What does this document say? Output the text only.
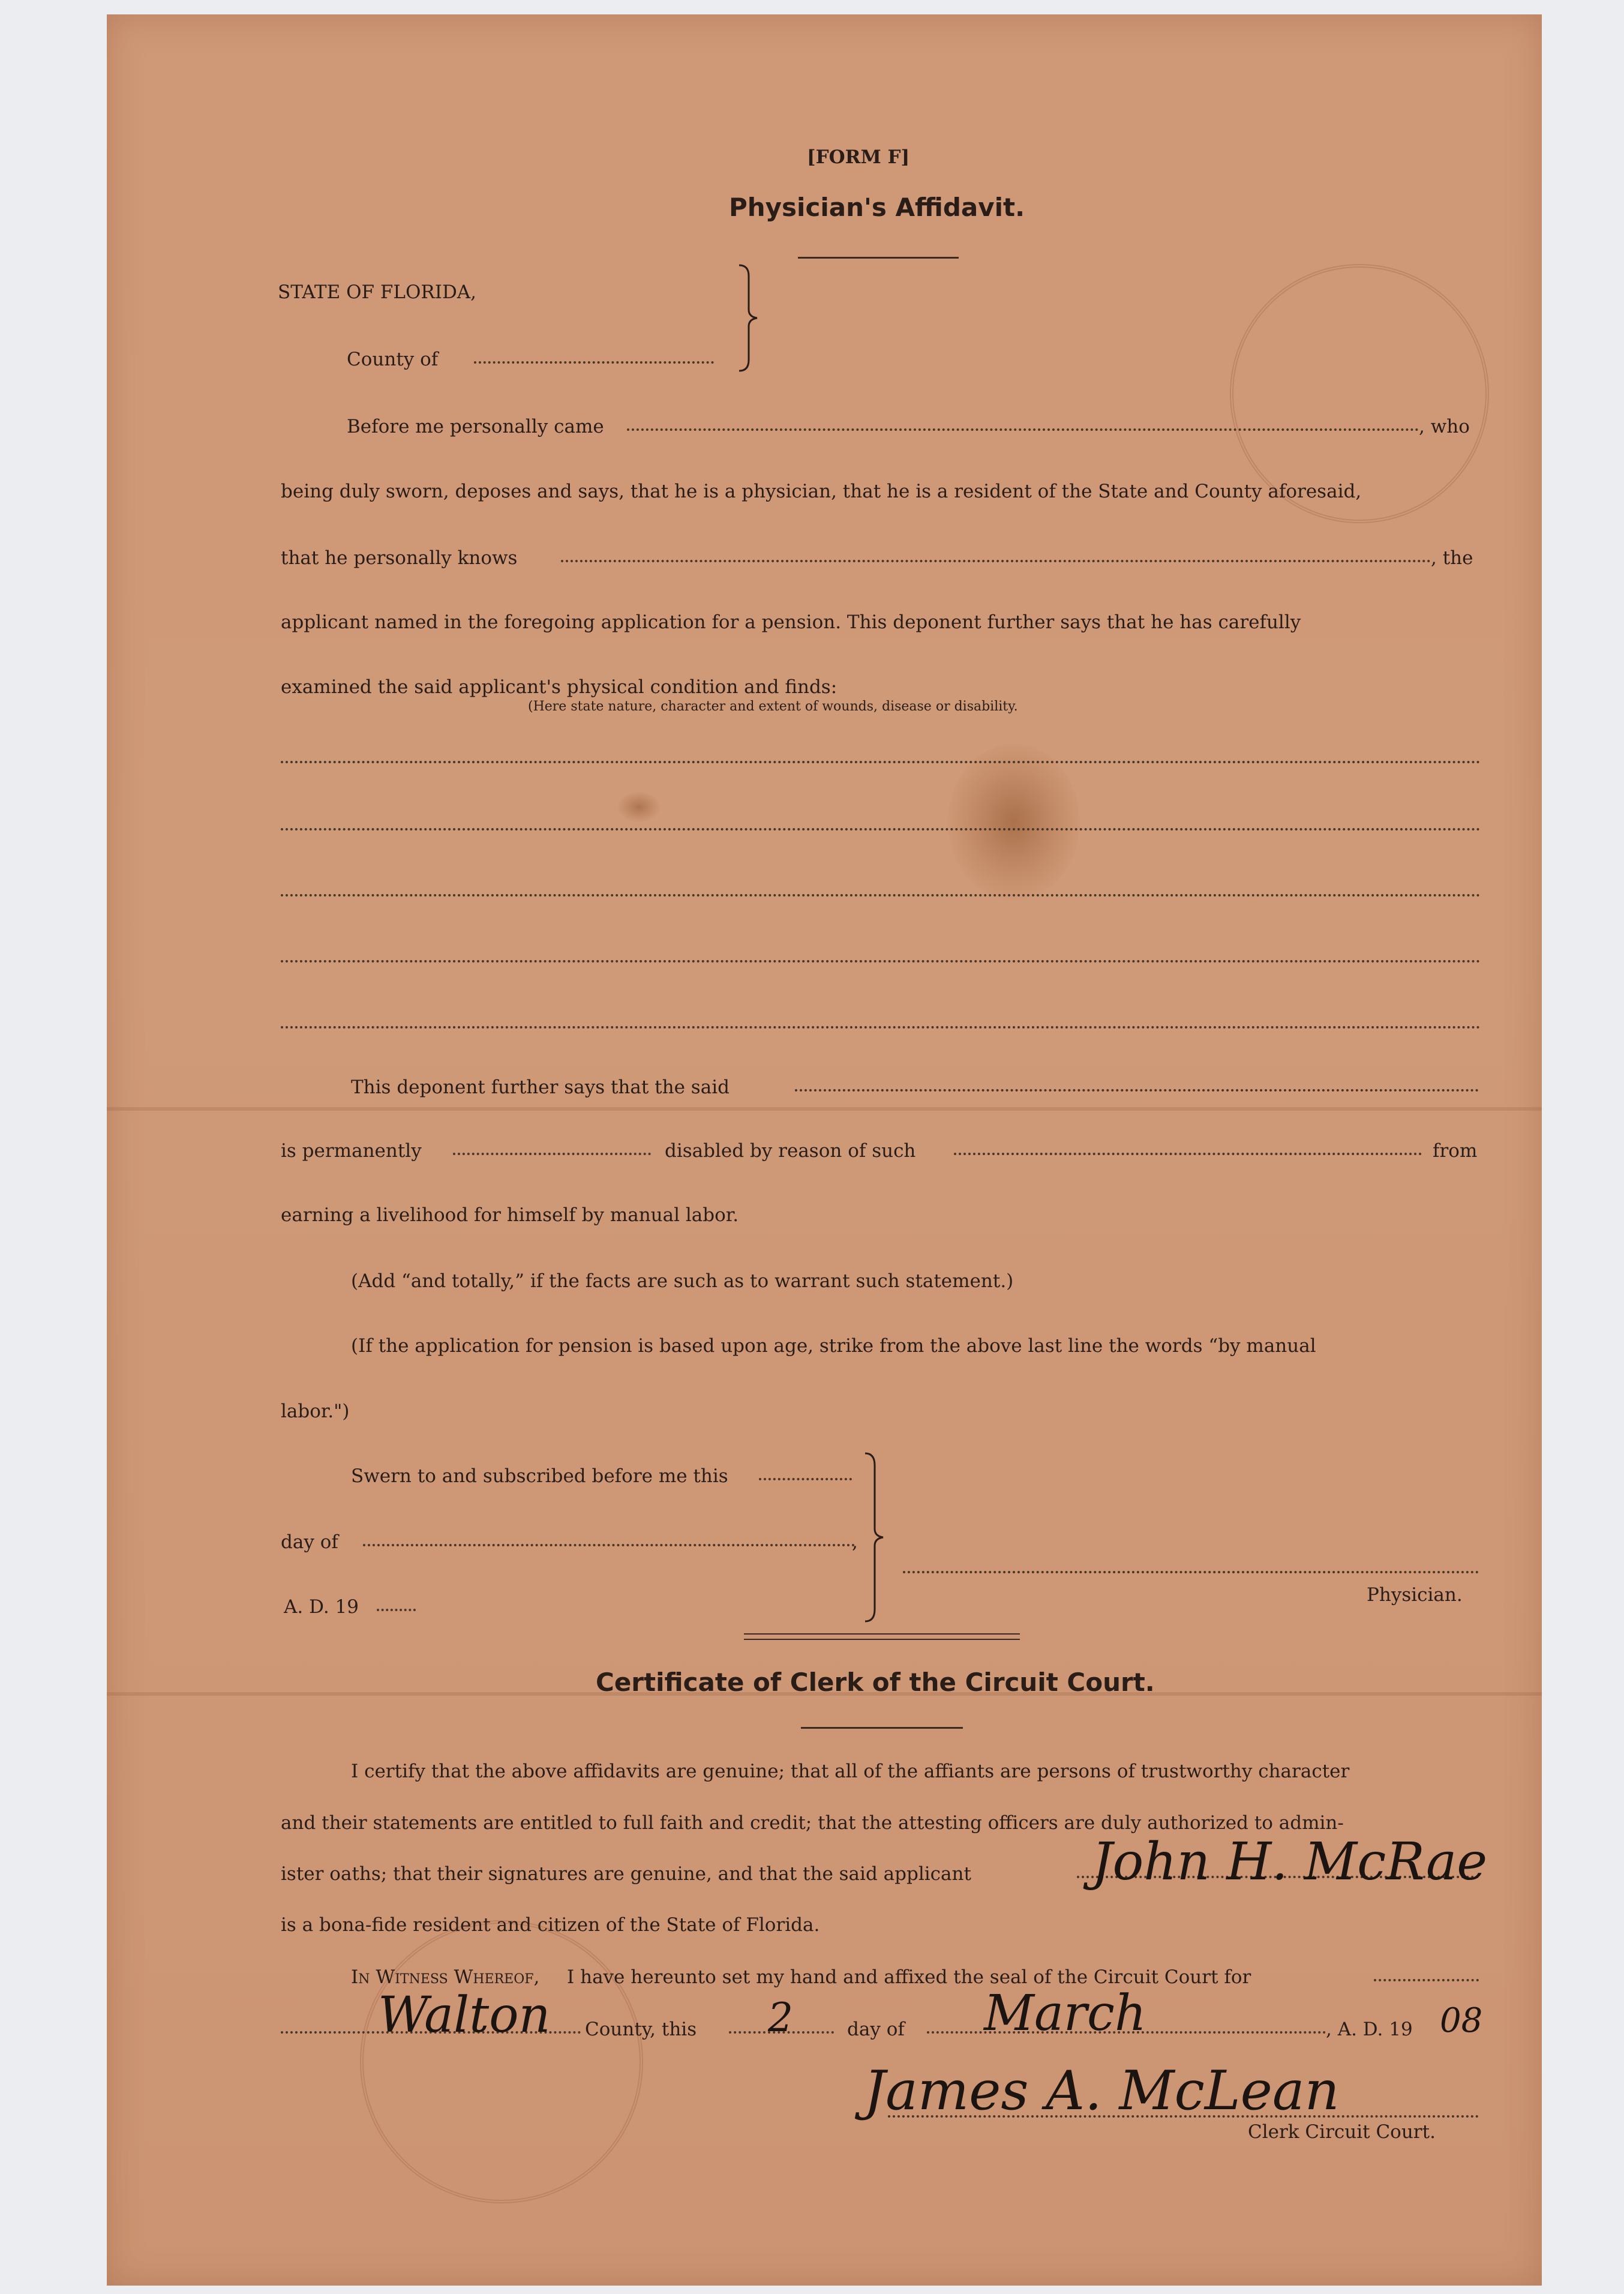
[FORM F]
Physician's Affidavit.
STATE OF FLORIDA,
County of
Before me personally came	, who
being duly sworn, deposes and says, that he is a physician, that he is a resident of the State and County aforesaid,
that he personally knows	, the
applicant named in the foregoing application for a pension. This deponent further says that he has carefully
examined the said applicant's physical condition and finds:
(Here state nature, character and extent of wounds, disease or disability.
This deponent further says that the said
is permanently	disabled by reason of such	from
earning a livelihood for himself by manual labor.
(Add “and totally,” if the facts are such as to warrant such statement.)
(If the application for pension is based upon age, strike from the above last line the words “by manual
labor.")
Swern to and subscribed before me this
day of	,
A. D. 19
Physician.
Certificate of Clerk of the Circuit Court.
I certify that the above affidavits are genuine; that all of the affiants are persons of trustworthy character
and their statements are entitled to full faith and credit; that the attesting officers are duly authorized to admin-
ister oaths; that their signatures are genuine, and that the said applicant John H. McRae
is a bona-fide resident and citizen of the State of Florida.
In Witness Whereof, I have hereunto set my hand and affixed the seal of the Circuit Court for
Walton County, this 2	day of March	, A. D. 19 08
James A. McLean
Clerk Circuit Court.
